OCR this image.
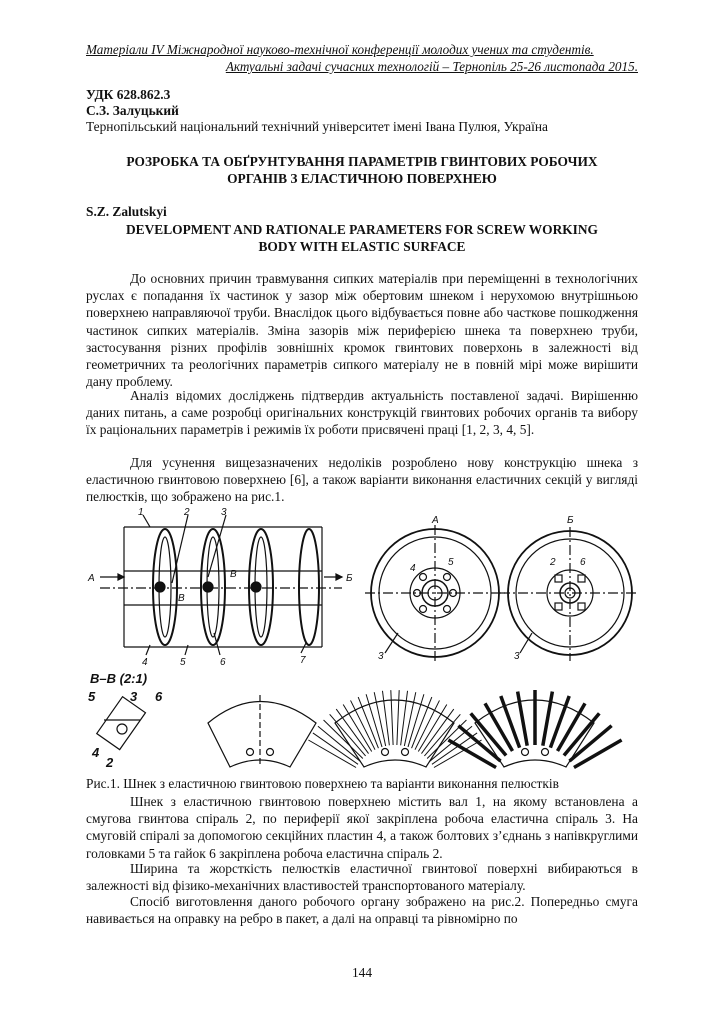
Матеріали IV Міжнародної науково-технічної конференції молодих учених та студентів.
Актуальні задачі сучасних технологій – Тернопіль 25-26 листопада 2015.
УДК 628.862.3
С.З. Залуцький
Тернопільський національний технічний університет імені Івана Пулюя, Україна
РОЗРОБКА ТА ОБҐРУНТУВАННЯ ПАРАМЕТРІВ ГВИНТОВИХ РОБОЧИХ ОРГАНІВ З ЕЛАСТИЧНОЮ ПОВЕРХНЕЮ
S.Z. Zalutskyi
DEVELOPMENT AND RATIONALE PARAMETERS FOR SCREW WORKING BODY WITH ELASTIC SURFACE

До основних причин травмування сипких матеріалів при переміщенні в технологічних руслах є попадання їх частинок у зазор між обертовим шнеком і нерухомою внутрішньою поверхнею направляючої труби. Внаслідок цього відбувається повне або часткове пошкодження частинок сипких матеріалів. Зміна зазорів між периферією шнека та поверхнею труби, застосування різних профілів зовнішніх кромок гвинтових поверхонь в залежності від геометричних та реологічних параметрів сипкого матеріалу не в повній мірі може вирішити дану проблему.

Аналіз відомих досліджень підтвердив актуальність поставленої задачі. Вирішенню даних питань, а саме розробці оригінальних конструкцій гвинтових робочих органів та вибору їх раціональних параметрів і режимів їх роботи присвячені праці [1, 2, 3, 4, 5].

Для усунення вищезазначених недоліків розроблено нову конструкцію шнека з еластичною гвинтовою поверхнею [6], а також варіанти виконання еластичних секцій у вигляді пелюстків, що зображено на рис.1.

1	2	3
А	Б
В
В
4	5	6	7
А	Б
4
5
3
2 6
3
В–В (2:1)
5	3 6
4
2
Рис.1. Шнек з еластичною гвинтовою поверхнею та варіанти виконання пелюстків

Шнек з еластичною гвинтовою поверхнею містить вал 1, на якому встановлена а смугова гвинтова спіраль 2, по периферії якої закріплена робоча еластична спіраль 3. На смуговій спіралі за допомогою секційних пластин 4, а також болтових з’єднань з напівкруглими головками 5 та гайок 6 закріплена робоча еластична спіраль 2.

Ширина та жорсткість пелюстків еластичної гвинтової поверхні вибираються в залежності від фізико-механічних властивостей транспортованого матеріалу.

Спосіб виготовлення даного робочого органу зображено на рис.2. Попередньо смуга навивається на оправку на ребро в пакет, а далі на оправці та рівномірно по

144
